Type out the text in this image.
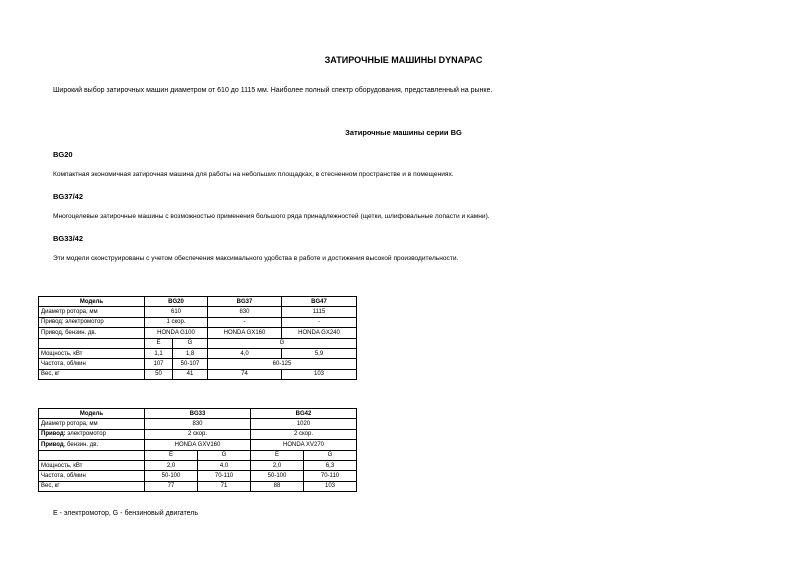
ЗАТИРОЧНЫЕ МАШИНЫ DYNAPAC
Широкий выбор затирочных машин диаметром от 610 до 1115 мм. Наиболее полный спектр оборудования, представленный на рынке.
Затирочные машины серии BG
BG20
Компактная экономичная затирочная машина для работы на небольших площадках, в стесненном пространстве и в помещениях.
BG37/42
Многоцелевые затирочные машины с возможностью применения большого ряда принадлежностей (щетки, шлифовальные лопасти и камни).
BG33/42
Эти модели сконструированы с учетом обеспечения максимального удобства в работе и достижения высокой производительности.
Модель	BG20		BG37	BG47
Диаметр ротора, мм	610		830	1115
Привод: электромотор	1 скор.		-	-
Привод, бензин. дв.	HONDA G100		HONDA GX160	HONDA GX240
	E	G	G	
Мощность, кВт	1,1	1,8	4,0	5,9
Частота, об/мин	107	50-107	60-125	
Вес, кг	50	41	74	103
Модель	BG33		BG42	
Диаметр ротора, мм	830		1020	
Привод: электромотор	2 скор.		2 скор.	
Привод, бензин. дв.	HONDA GXV160		HONDA XV270	
	E	G	E	G
Мощность, кВт	2,0	4,0	2,0	6,3
Частота, об/мин	50-100	70-110	50-100	70-110
Вес, кг	77	71	88	103
E - электромотор, G - бензиновый двигатель
